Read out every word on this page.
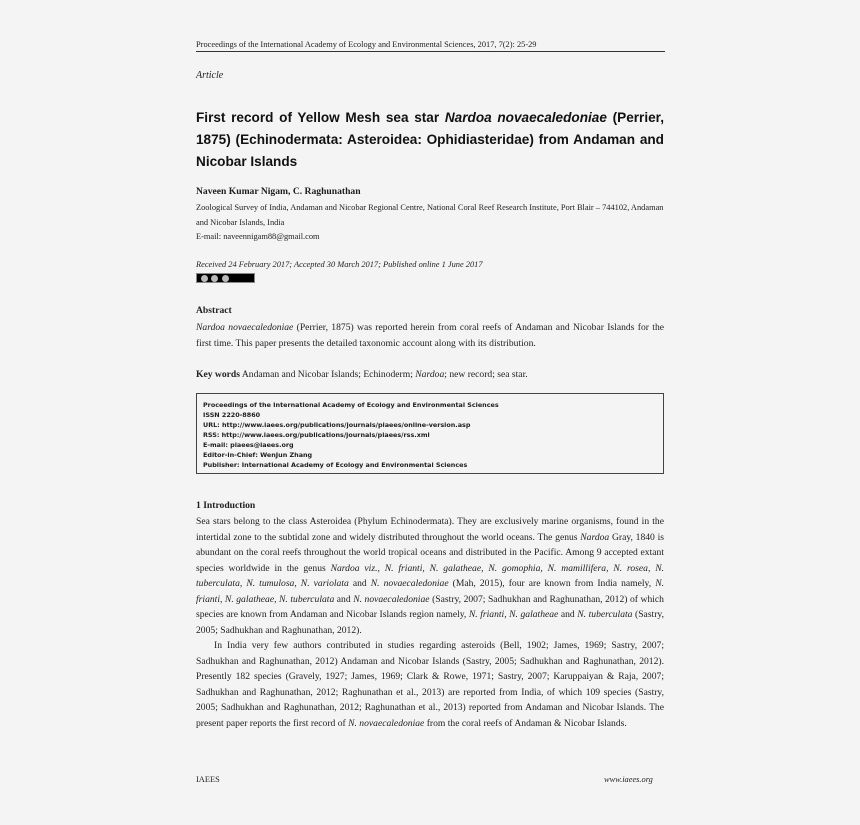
Proceedings of the International Academy of Ecology and Environmental Sciences, 2017, 7(2): 25-29
Article
First record of Yellow Mesh sea star Nardoa novaecaledoniae (Perrier, 1875) (Echinodermata: Asteroidea: Ophidiasteridae) from Andaman and Nicobar Islands
Naveen Kumar Nigam, C. Raghunathan
Zoological Survey of India, Andaman and Nicobar Regional Centre, National Coral Reef Research Institute, Port Blair – 744102, Andaman and Nicobar Islands, India
E-mail: naveennigam88@gmail.com
Received 24 February 2017; Accepted 30 March 2017; Published online 1 June 2017
Abstract
Nardoa novaecaledoniae (Perrier, 1875) was reported herein from coral reefs of Andaman and Nicobar Islands for the first time. This paper presents the detailed taxonomic account along with its distribution.
Key words Andaman and Nicobar Islands; Echinoderm; Nardoa; new record; sea star.
Proceedings of the International Academy of Ecology and Environmental Sciences
ISSN 2220-8860
URL: http://www.iaees.org/publications/journals/piaees/online-version.asp
RSS: http://www.iaees.org/publications/journals/piaees/rss.xml
E-mail: piaees@iaees.org
Editor-in-Chief: WenJun Zhang
Publisher: International Academy of Ecology and Environmental Sciences
1 Introduction

Sea stars belong to the class Asteroidea (Phylum Echinodermata). They are exclusively marine organisms, found in the intertidal zone to the subtidal zone and widely distributed throughout the world oceans. The genus Nardoa Gray, 1840 is abundant on the coral reefs throughout the world tropical oceans and distributed in the Pacific. Among 9 accepted extant species worldwide in the genus Nardoa viz., N. frianti, N. galatheae, N. gomophia, N. mamillifera, N. rosea, N. tuberculata, N. tumulosa, N. variolata and N. novaecaledoniae (Mah, 2015), four are known from India namely, N. frianti, N. galatheae, N. tuberculata and N. novaecaledoniae (Sastry, 2007; Sadhukhan and Raghunathan, 2012) of which species are known from Andaman and Nicobar Islands region namely, N. frianti, N. galatheae and N. tuberculata (Sastry, 2005; Sadhukhan and Raghunathan, 2012).

In India very few authors contributed in studies regarding asteroids (Bell, 1902; James, 1969; Sastry, 2007; Sadhukhan and Raghunathan, 2012) Andaman and Nicobar Islands (Sastry, 2005; Sadhukhan and Raghunathan, 2012). Presently 182 species (Gravely, 1927; James, 1969; Clark & Rowe, 1971; Sastry, 2007; Karuppaiyan & Raja, 2007; Sadhukhan and Raghunathan, 2012; Raghunathan et al., 2013) are reported from India, of which 109 species (Sastry, 2005; Sadhukhan and Raghunathan, 2012; Raghunathan et al., 2013) reported from Andaman and Nicobar Islands. The present paper reports the first record of N. novaecaledoniae from the coral reefs of Andaman & Nicobar Islands.

IAEES	www.iaees.org
